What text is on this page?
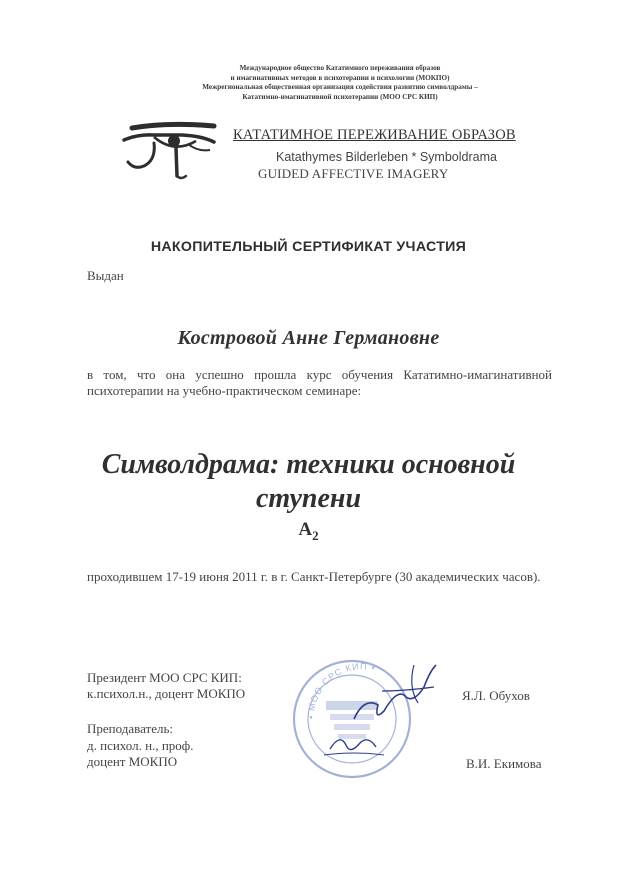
Международное общество Кататимного переживания образов
и имагинативных методов в психотерапии и психологии (МОКПО)
Межрегиональная общественная организация содействия развитию символдрамы –
Кататимно-имагинативной психотерапии (МОО СРС КИП)
КАТАТИМНОЕ ПЕРЕЖИВАНИЕ ОБРАЗОВ
Katathymes Bilderleben * Symboldrama
GUIDED AFFECTIVE IMAGERY
НАКОПИТЕЛЬНЫЙ СЕРТИФИКАТ УЧАСТИЯ
Выдан
Костровой Анне Германовне
в том, что она успешно прошла курс обучения Кататимно-имагинативной психотерапии на учебно-практическом семинаре:
Символдрама: техники основной
ступени
$А_2$
проходившем 17-19 июня 2011 г. в г. Санкт-Петербурге (30 академических часов).
• МОО СРС КИП •
Президент МОО СРС КИП:
к.психол.н., доцент МОКПО	Я.Л. Обухов
Преподаватель:
д. психол. н., проф.
доцент МОКПО	В.И. Екимова
